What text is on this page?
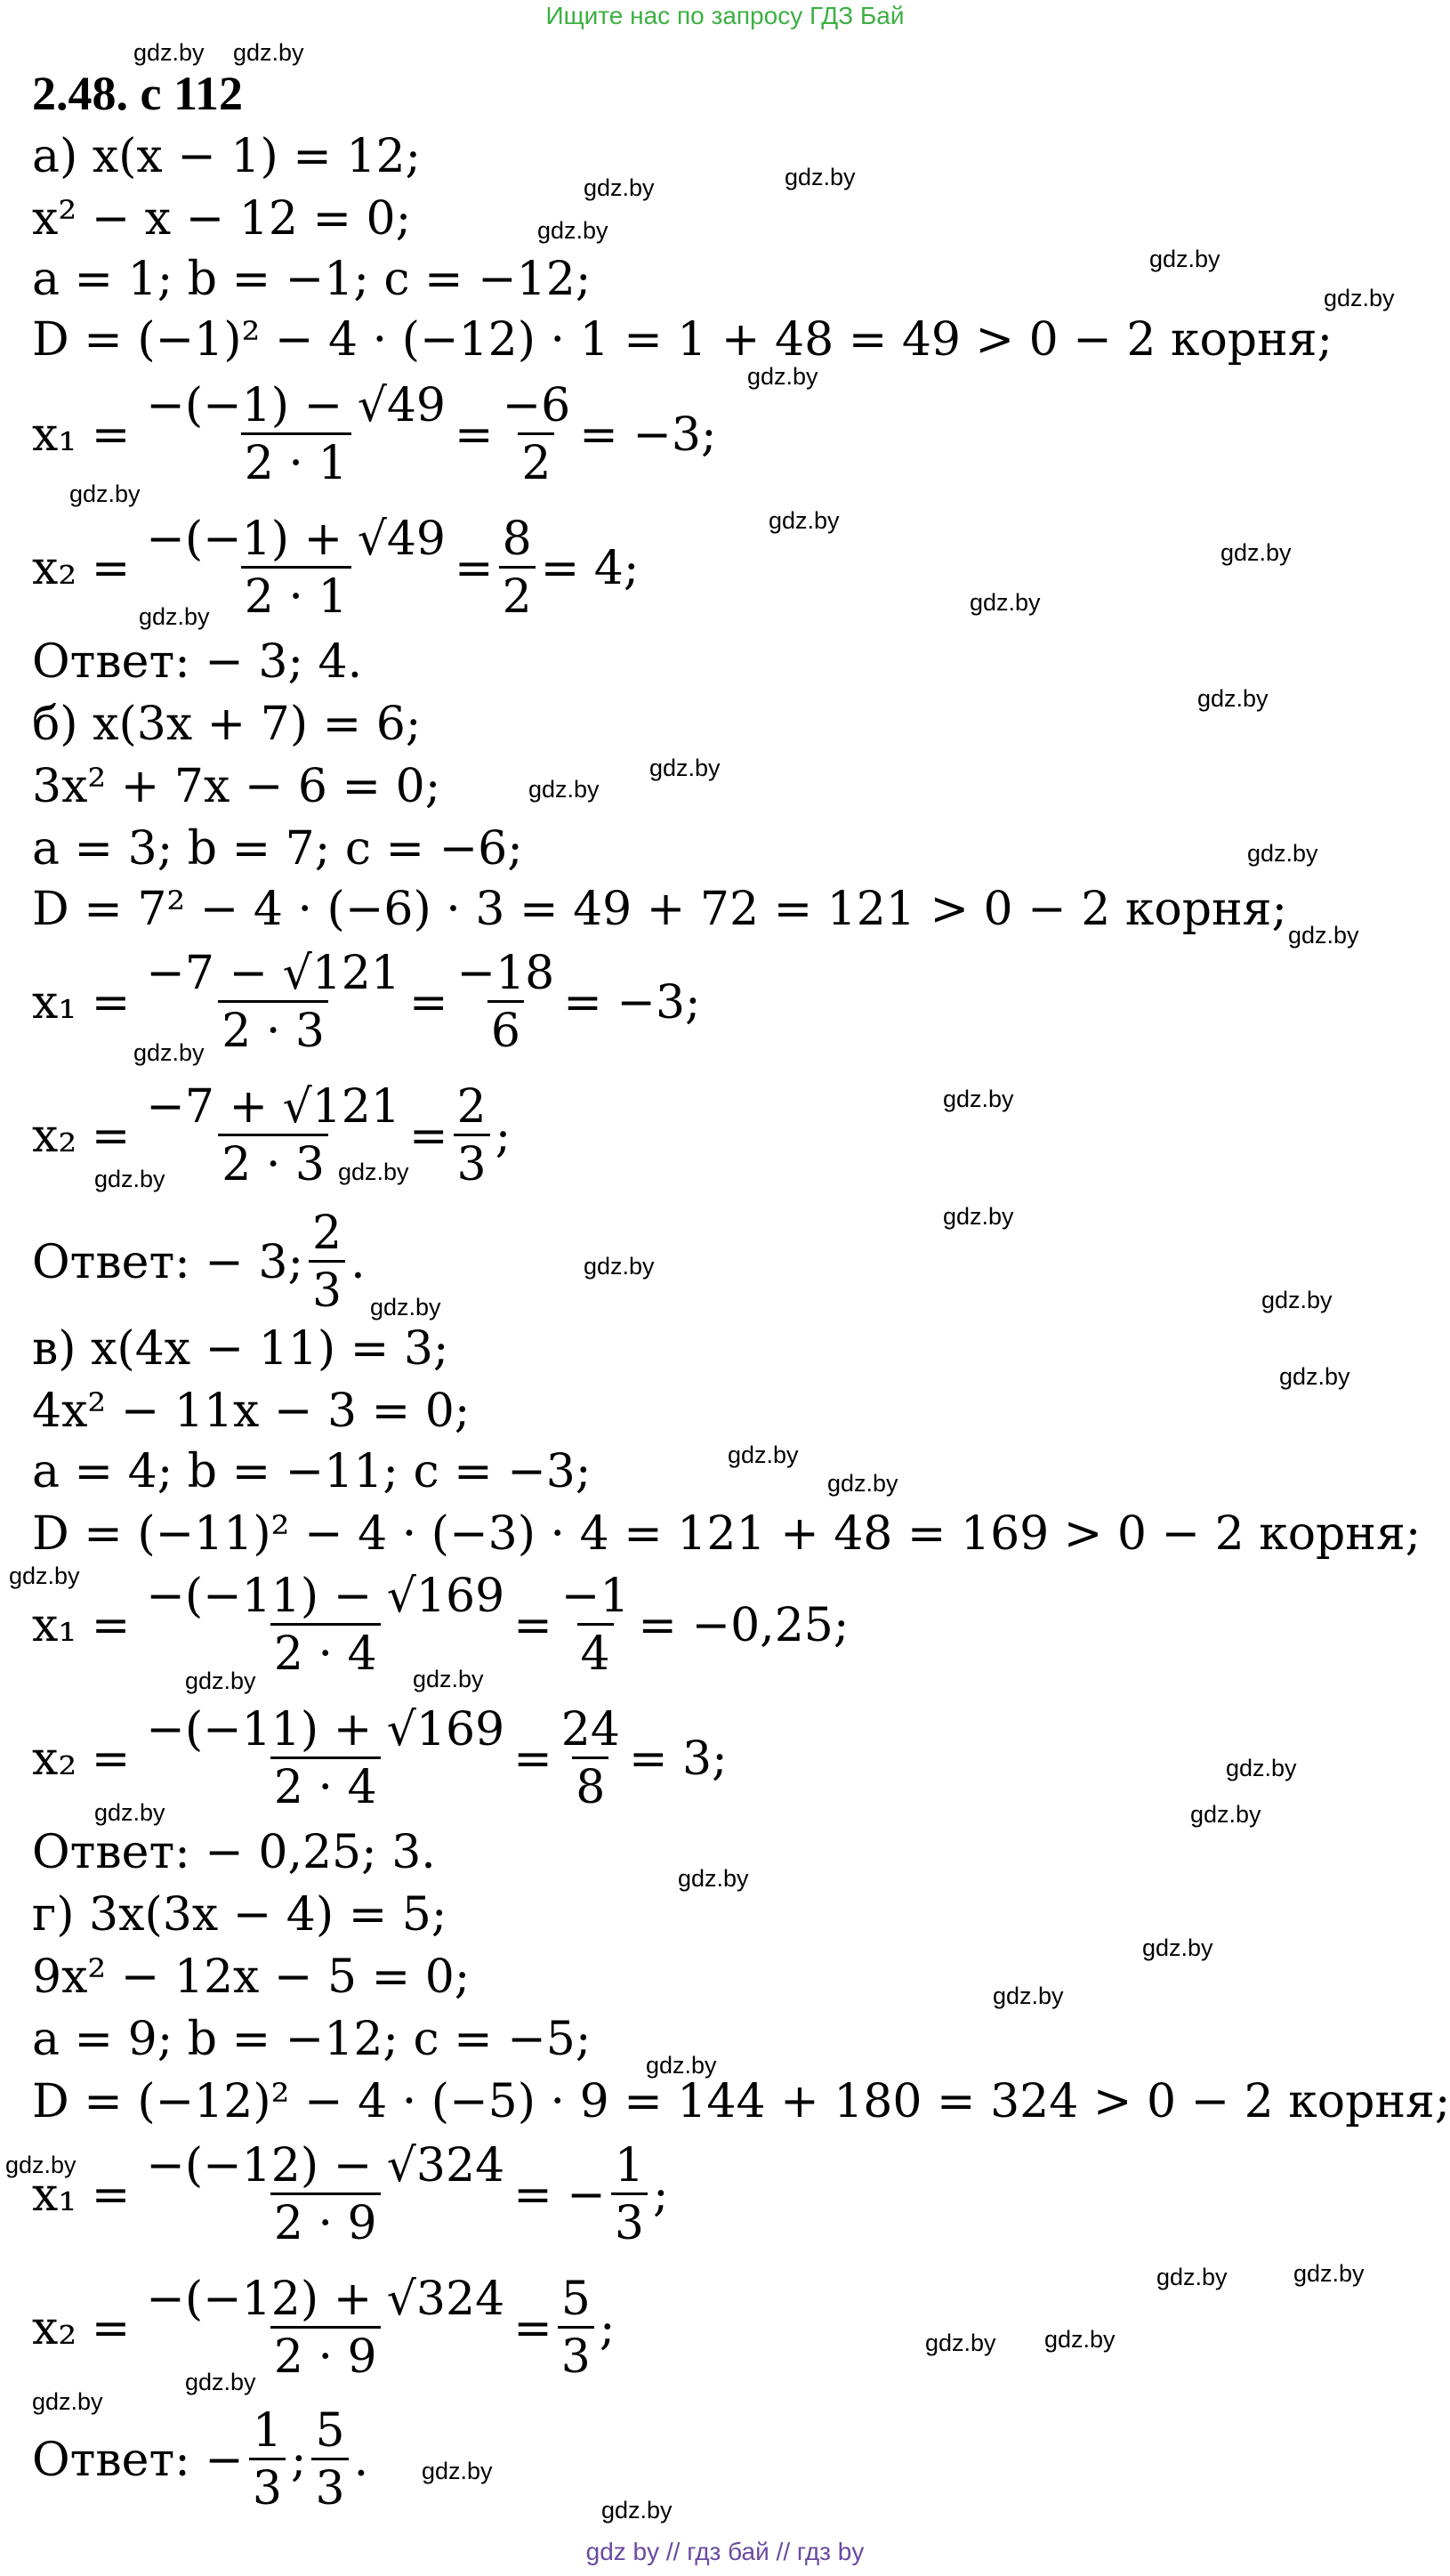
Ищите нас по запросу ГДЗ Бай
2.48. с 112
а) x(x − 1) = 12;
x² − x − 12 = 0;
a = 1; b = −1; c = −12;
D = (−1)² − 4 · (−12) · 1 = 1 + 48 = 49 > 0 − 2 корня;
$x_1 = \frac{-(-1) - √49}{2 \cdot 1} = \frac{-6}{2} = -3$;
$x_2 = \frac{-(-1) + √49}{2 \cdot 1} = \frac{8}{2} = 4$;
Ответ: − 3; 4.
б) x(3x + 7) = 6;
3x² + 7x − 6 = 0;
a = 3; b = 7; c = −6;
D = 7² − 4 · (−6) · 3 = 49 + 72 = 121 > 0 − 2 корня;
$x_1 = \frac{-7 - √121}{2 \cdot 3} = \frac{-18}{6} = -3$;
$x_2 = \frac{-7 + √121}{2 \cdot 3} = \frac{2}{3}$ ;
Ответ: − 3; $\frac{2}{3}$ .
в) x(4x − 11) = 3;
4x² − 11x − 3 = 0;
a = 4; b = −11; c = −3;
D = (−11)² − 4 · (−3) · 4 = 121 + 48 = 169 > 0 − 2 корня;
$x_1 = \frac{-(-11) - √169}{2 \cdot 4} = \frac{-1}{4} = -0,25$;
$x_2 = \frac{-(-11) + √169}{2 \cdot 4} = \frac{24}{8} = 3$;
Ответ: − 0,25; 3.
г) 3x(3x − 4) = 5;
9x² − 12x − 5 = 0;
a = 9; b = −12; c = −5;
D = (−12)² − 4 · (−5) · 9 = 144 + 180 = 324 > 0 − 2 корня;
$x_1 = \frac{-(-12) - √324}{2 \cdot 9}$ = − $\frac{1}{3}$ ;
$x_2 = \frac{-(-12) + √324}{2 \cdot 9} = \frac{5}{3}$ ;
Ответ: − $\frac{1}{3}$ ; $\frac{5}{3}$ .
gdz.by gdz.by
gdz.by	gdz.by
gdz.by
gdz.by
gdz.by
gdz.by
gdz.by
gdz.by
gdz.by
gdz.by
gdz.by
gdz.by
gdz.by
gdz.by
gdz.by
gdz.by
gdz.by
gdz.by
gdz.by	gdz.by
gdz.by
gdz.by
gdz.by	gdz.by
gdz.by
gdz.by
gdz.by
gdz.by
gdz.by	gdz.by
gdz.by
gdz.by	gdz.by
gdz.by
gdz.by
gdz.by
gdz.by
gdz.by
gdz.by	gdz.by
gdz.by gdz.by
gdz.by
gdz.by
gdz.by
gdz.by
gdz by // гдз бай // гдз by
